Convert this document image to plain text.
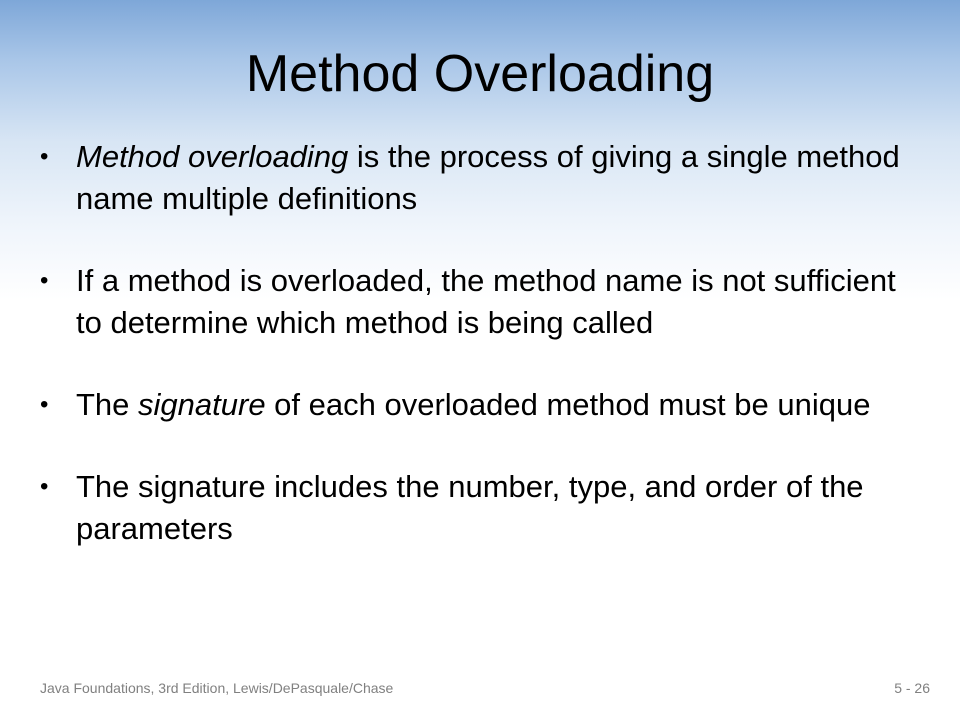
Method Overloading
• Method overloading is the process of giving a single method name multiple definitions
• If a method is overloaded, the method name is not sufficient to determine which method is being called
• The signature of each overloaded method must be unique
• The signature includes the number, type, and order of the parameters
Java Foundations, 3rd Edition, Lewis/DePasquale/Chase	5 - 26
